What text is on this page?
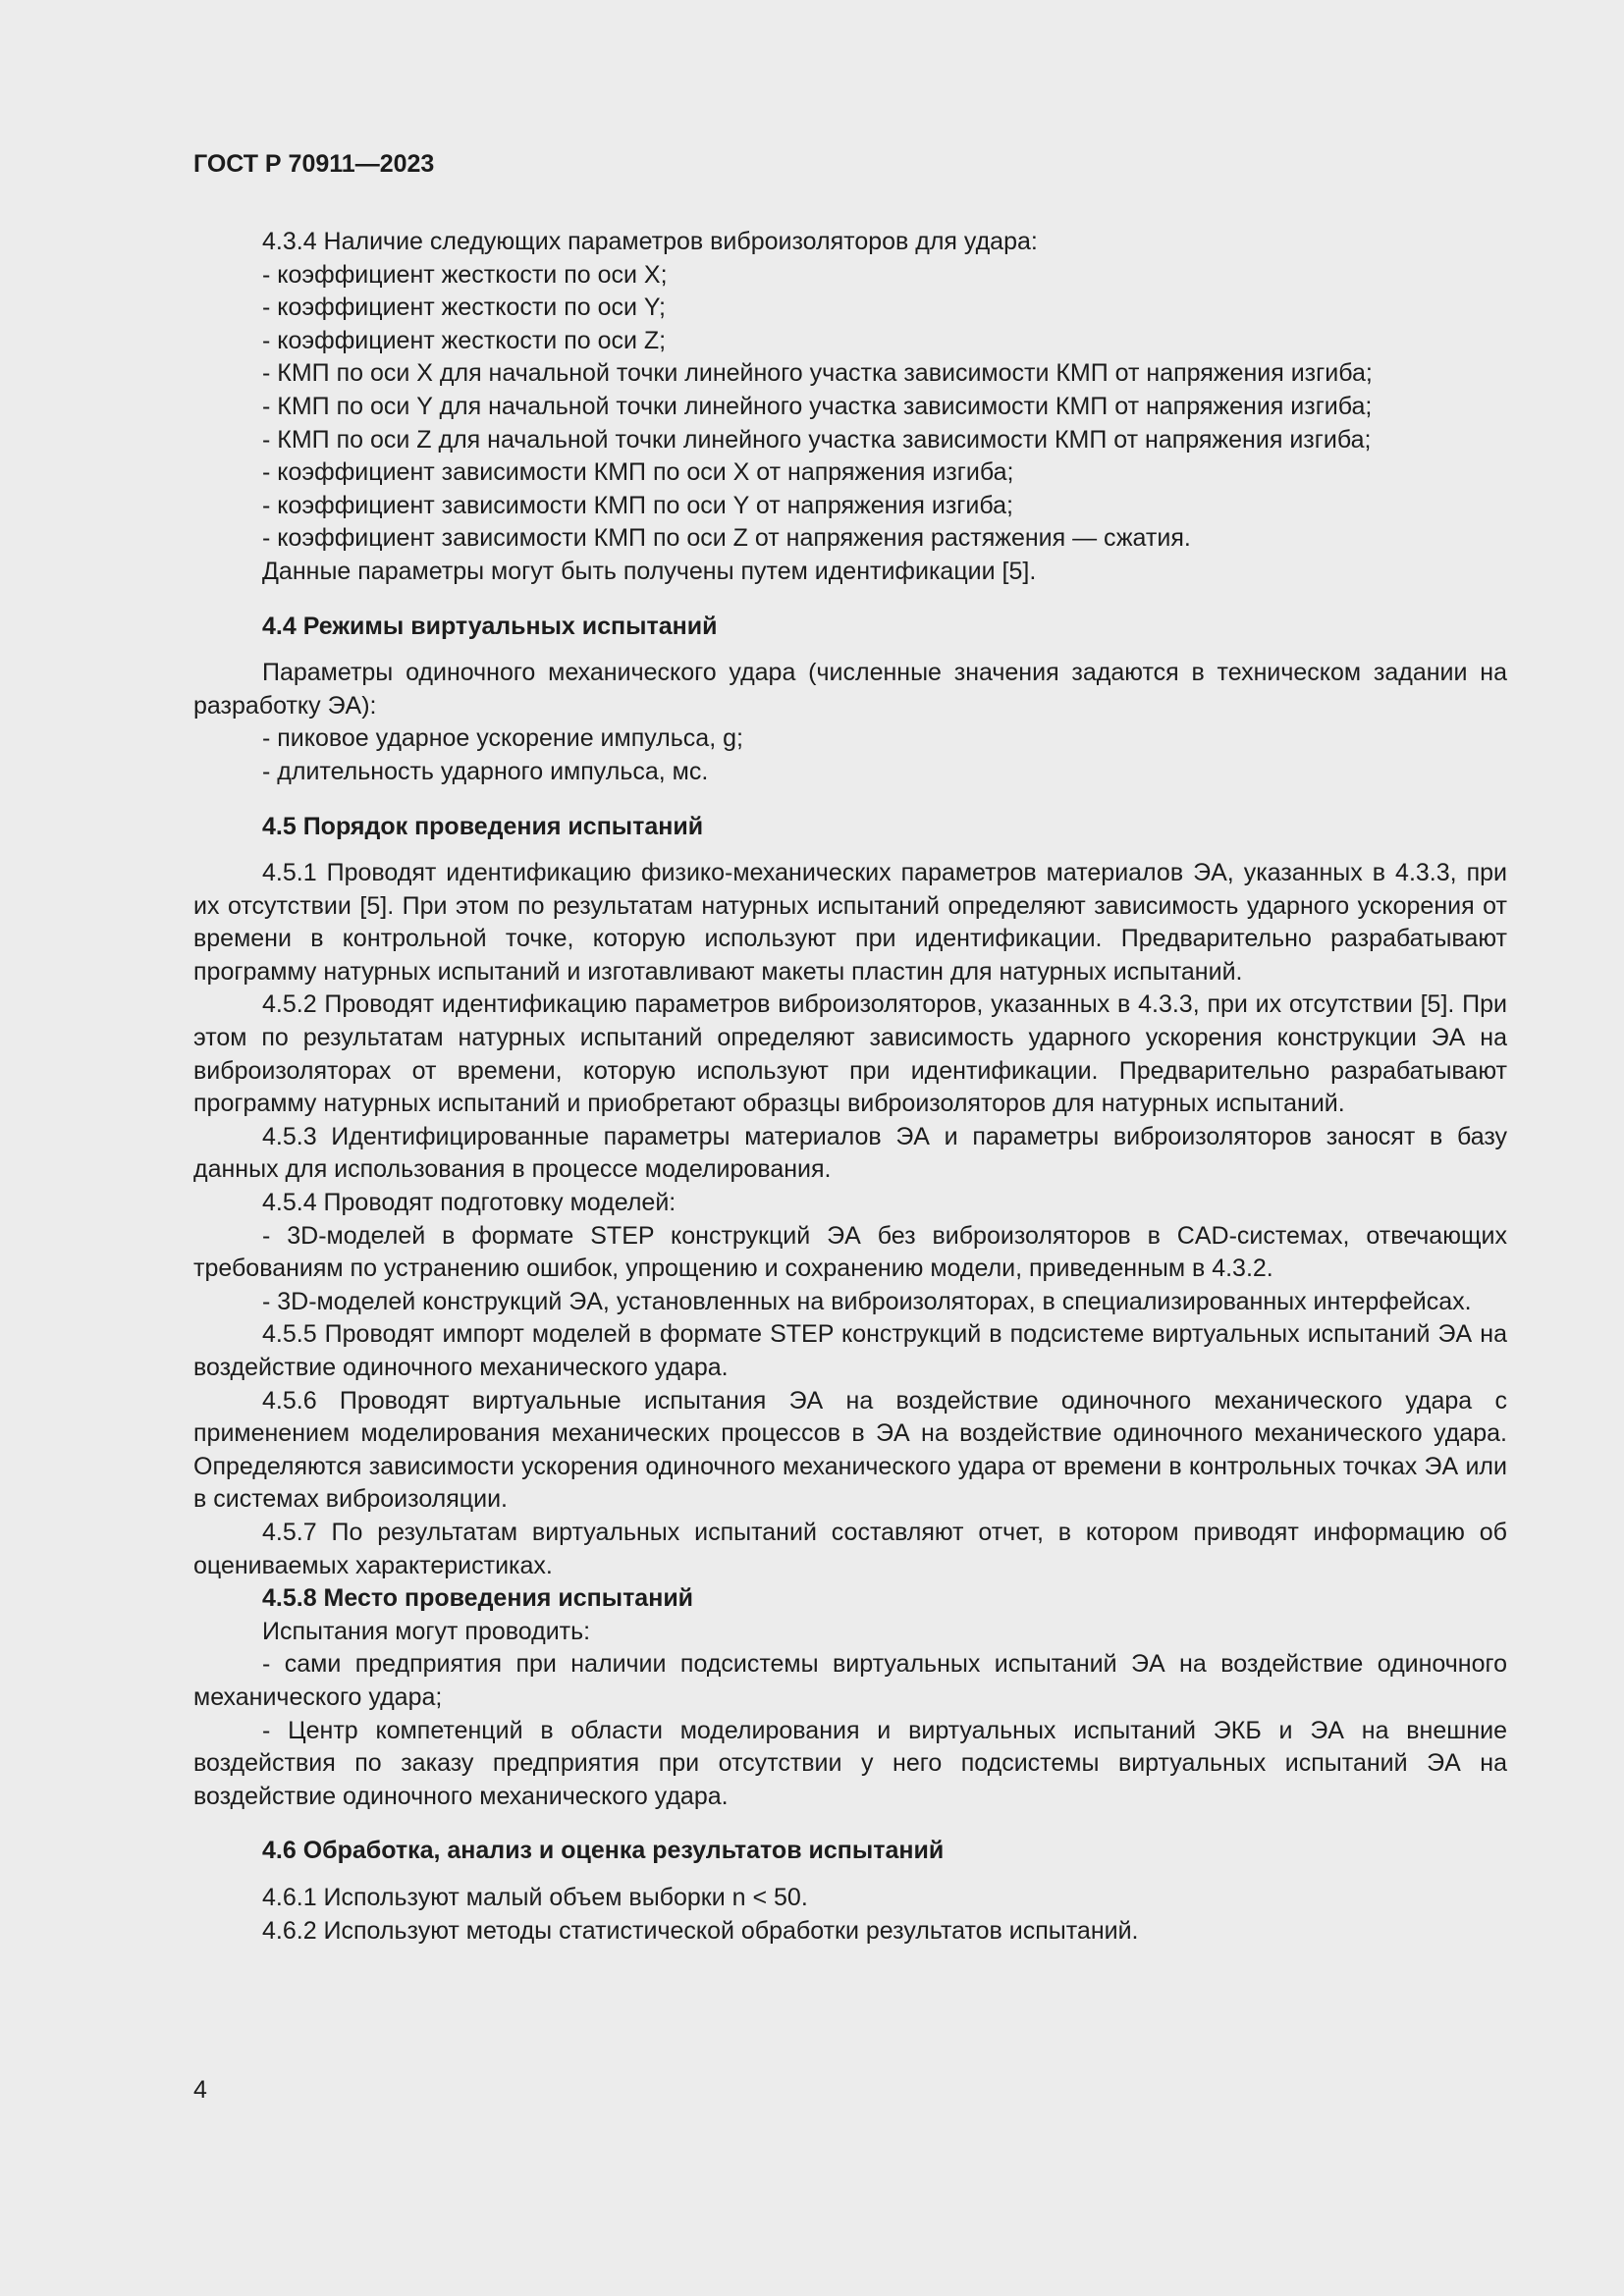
ГОСТ Р 70911—2023

4.3.4 Наличие следующих параметров виброизоляторов для удара:

- коэффициент жесткости по оси X;

- коэффициент жесткости по оси Y;

- коэффициент жесткости по оси Z;

- КМП по оси X для начальной точки линейного участка зависимости КМП от напряжения изгиба;

- КМП по оси Y для начальной точки линейного участка зависимости КМП от напряжения изгиба;

- КМП по оси Z для начальной точки линейного участка зависимости КМП от напряжения изгиба;

- коэффициент зависимости КМП по оси X от напряжения изгиба;

- коэффициент зависимости КМП по оси Y от напряжения изгиба;

- коэффициент зависимости КМП по оси Z от напряжения растяжения — сжатия.

Данные параметры могут быть получены путем идентификации [5].

4.4 Режимы виртуальных испытаний

Параметры одиночного механического удара (численные значения задаются в техническом задании на разработку ЭА):

- пиковое ударное ускорение импульса, g;

- длительность ударного импульса, мс.

4.5 Порядок проведения испытаний

4.5.1 Проводят идентификацию физико-механических параметров материалов ЭА, указанных в 4.3.3, при их отсутствии [5]. При этом по результатам натурных испытаний определяют зависимость ударного ускорения от времени в контрольной точке, которую используют при идентификации. Предварительно разрабатывают программу натурных испытаний и изготавливают макеты пластин для натурных испытаний.

4.5.2 Проводят идентификацию параметров виброизоляторов, указанных в 4.3.3, при их отсутствии [5]. При этом по результатам натурных испытаний определяют зависимость ударного ускорения конструкции ЭА на виброизоляторах от времени, которую используют при идентификации. Предварительно разрабатывают программу натурных испытаний и приобретают образцы виброизоляторов для натурных испытаний.

4.5.3 Идентифицированные параметры материалов ЭА и параметры виброизоляторов заносят в базу данных для использования в процессе моделирования.

4.5.4 Проводят подготовку моделей:

- 3D-моделей в формате STEP конструкций ЭА без виброизоляторов в CAD-системах, отвечающих требованиям по устранению ошибок, упрощению и сохранению модели, приведенным в 4.3.2.

- 3D-моделей конструкций ЭА, установленных на виброизоляторах, в специализированных интерфейсах.

4.5.5 Проводят импорт моделей в формате STEP конструкций в подсистеме виртуальных испытаний ЭА на воздействие одиночного механического удара.

4.5.6 Проводят виртуальные испытания ЭА на воздействие одиночного механического удара с применением моделирования механических процессов в ЭА на воздействие одиночного механического удара. Определяются зависимости ускорения одиночного механического удара от времени в контрольных точках ЭА или в системах виброизоляции.

4.5.7 По результатам виртуальных испытаний составляют отчет, в котором приводят информацию об оцениваемых характеристиках.

4.5.8 Место проведения испытаний

Испытания могут проводить:

- сами предприятия при наличии подсистемы виртуальных испытаний ЭА на воздействие одиночного механического удара;

- Центр компетенций в области моделирования и виртуальных испытаний ЭКБ и ЭА на внешние воздействия по заказу предприятия при отсутствии у него подсистемы виртуальных испытаний ЭА на воздействие одиночного механического удара.

4.6 Обработка, анализ и оценка результатов испытаний

4.6.1 Используют малый объем выборки n < 50.

4.6.2 Используют методы статистической обработки результатов испытаний.

4
